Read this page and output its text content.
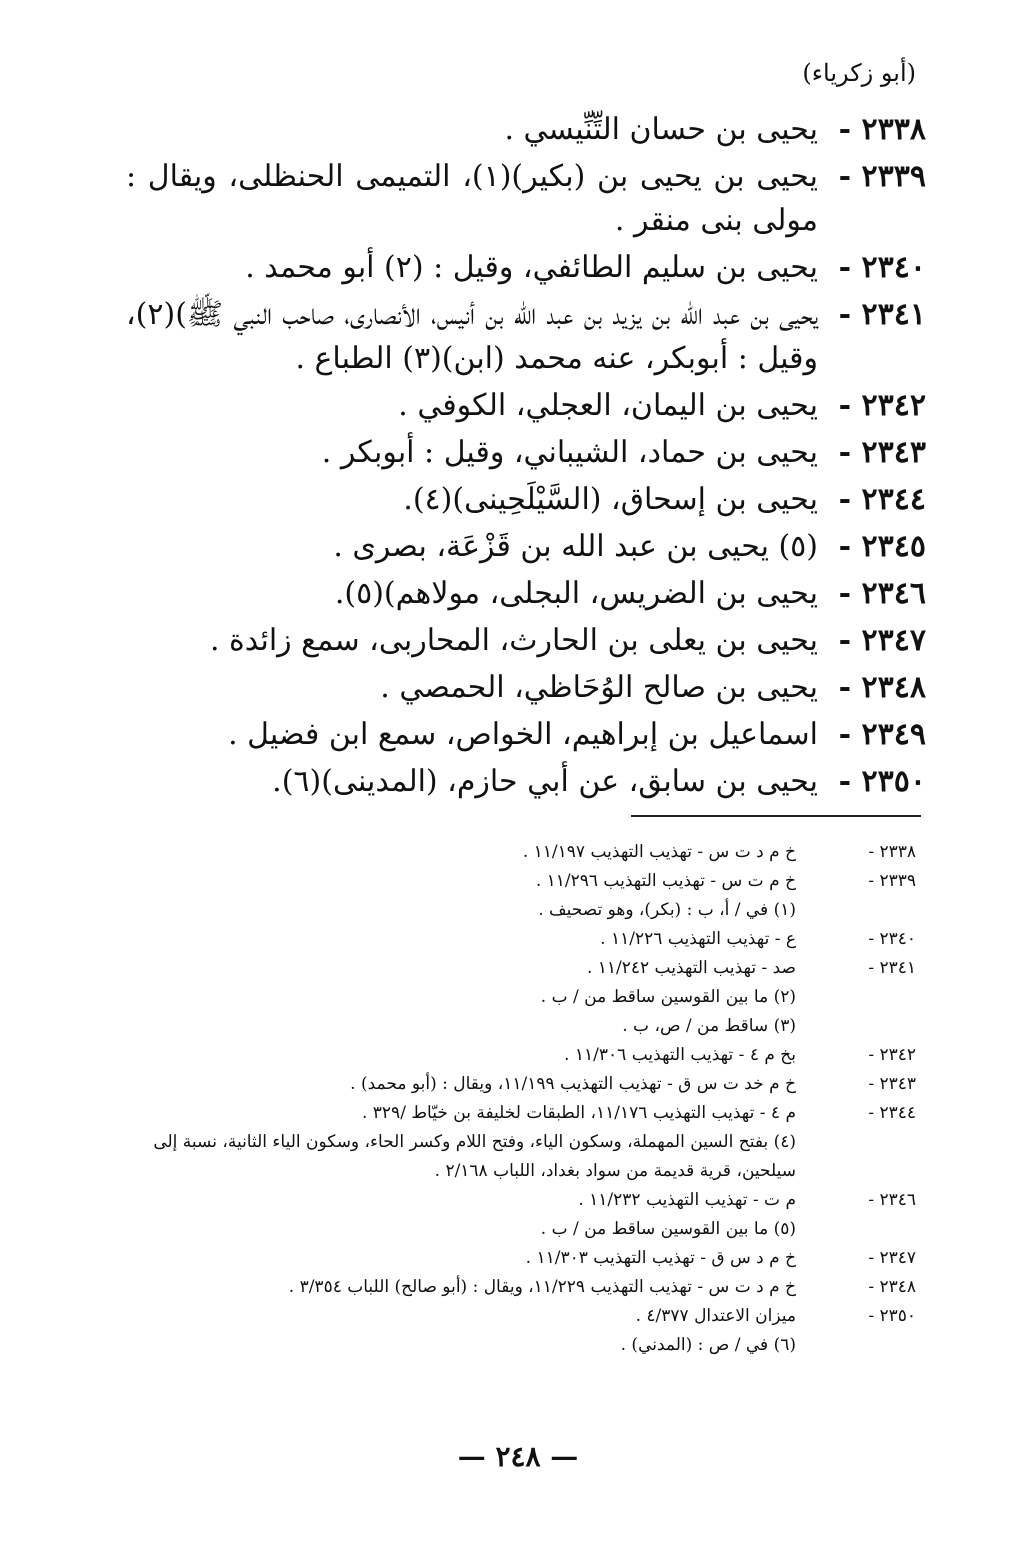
(أبو زكرياء)
٢٣٣٨ -
يحيى بن حسان التِّنِّيسي .
٢٣٣٩ -
يحيى بن يحيى بن (بكير)(١)، التميمى الحنظلى، ويقال : مولى بنى منقر .
٢٣٤٠ -
يحيى بن سليم الطائفي، وقيل : (٢) أبو محمد .
٢٣٤١ -
يحيى بن عبد الله بن يزيد بن عبد الله بن أنيس، الأنصارى، صاحب النبي ﷺ)(٢)، وقيل : أبوبكر، عنه محمد (ابن)(٣) الطباع .
٢٣٤٢ -
يحيى بن اليمان، العجلي، الكوفي .
٢٣٤٣ -
يحيى بن حماد، الشيباني، وقيل : أبوبكر .
٢٣٤٤ -
يحيى بن إسحاق، (السَّيْلَحِينى)(٤).
٢٣٤٥ -
(٥) يحيى بن عبد الله بن قَزْعَة، بصرى .
٢٣٤٦ -
يحيى بن الضريس، البجلى، مولاهم)(٥).
٢٣٤٧ -
يحيى بن يعلى بن الحارث، المحاربى، سمع زائدة .
٢٣٤٨ -
يحيى بن صالح الوُحَاظي، الحمصي .
٢٣٤٩ -
اسماعيل بن إبراهيم، الخواص، سمع ابن فضيل .
٢٣٥٠ -
يحيى بن سابق، عن أبي حازم، (المدينى)(٦).
٢٣٣٨ -
خ م د ت س - تهذيب التهذيب ١١/١٩٧ .
٢٣٣٩ -
خ م ت س - تهذيب التهذيب ١١/٢٩٦ .
(١) في / أ، ب : (بكر)، وهو تصحيف .
٢٣٤٠ -
ع - تهذيب التهذيب ١١/٢٢٦ .
٢٣٤١ -
صد - تهذيب التهذيب ١١/٢٤٢ .
(٢) ما بين القوسين ساقط من / ب .
(٣) ساقط من / ص، ب .
٢٣٤٢ -
بخ م ٤ - تهذيب التهذيب ١١/٣٠٦ .
٢٣٤٣ -
خ م خد ت س ق - تهذيب التهذيب ١١/١٩٩، ويقال : (أبو محمد) .
٢٣٤٤ -
م ٤ - تهذيب التهذيب ١١/١٧٦، الطبقات لخليفة بن خيّاط /٣٢٩ .
(٤) بفتح السين المهملة، وسكون الياء، وفتح اللام وكسر الحاء، وسكون الياء الثانية، نسبة إلى سيلحين، قرية قديمة من سواد بغداد، اللباب ٢/١٦٨ .
٢٣٤٦ -
م ت - تهذيب التهذيب ١١/٢٣٢ .
(٥) ما بين القوسين ساقط من / ب .
٢٣٤٧ -
خ م د س ق - تهذيب التهذيب ١١/٣٠٣ .
٢٣٤٨ -
خ م د ت س - تهذيب التهذيب ١١/٢٢٩، ويقال : (أبو صالح) اللباب ٣/٣٥٤ .
٢٣٥٠ -
ميزان الاعتدال ٤/٣٧٧ .
(٦) في / ص : (المدني) .
— ٢٤٨ —
